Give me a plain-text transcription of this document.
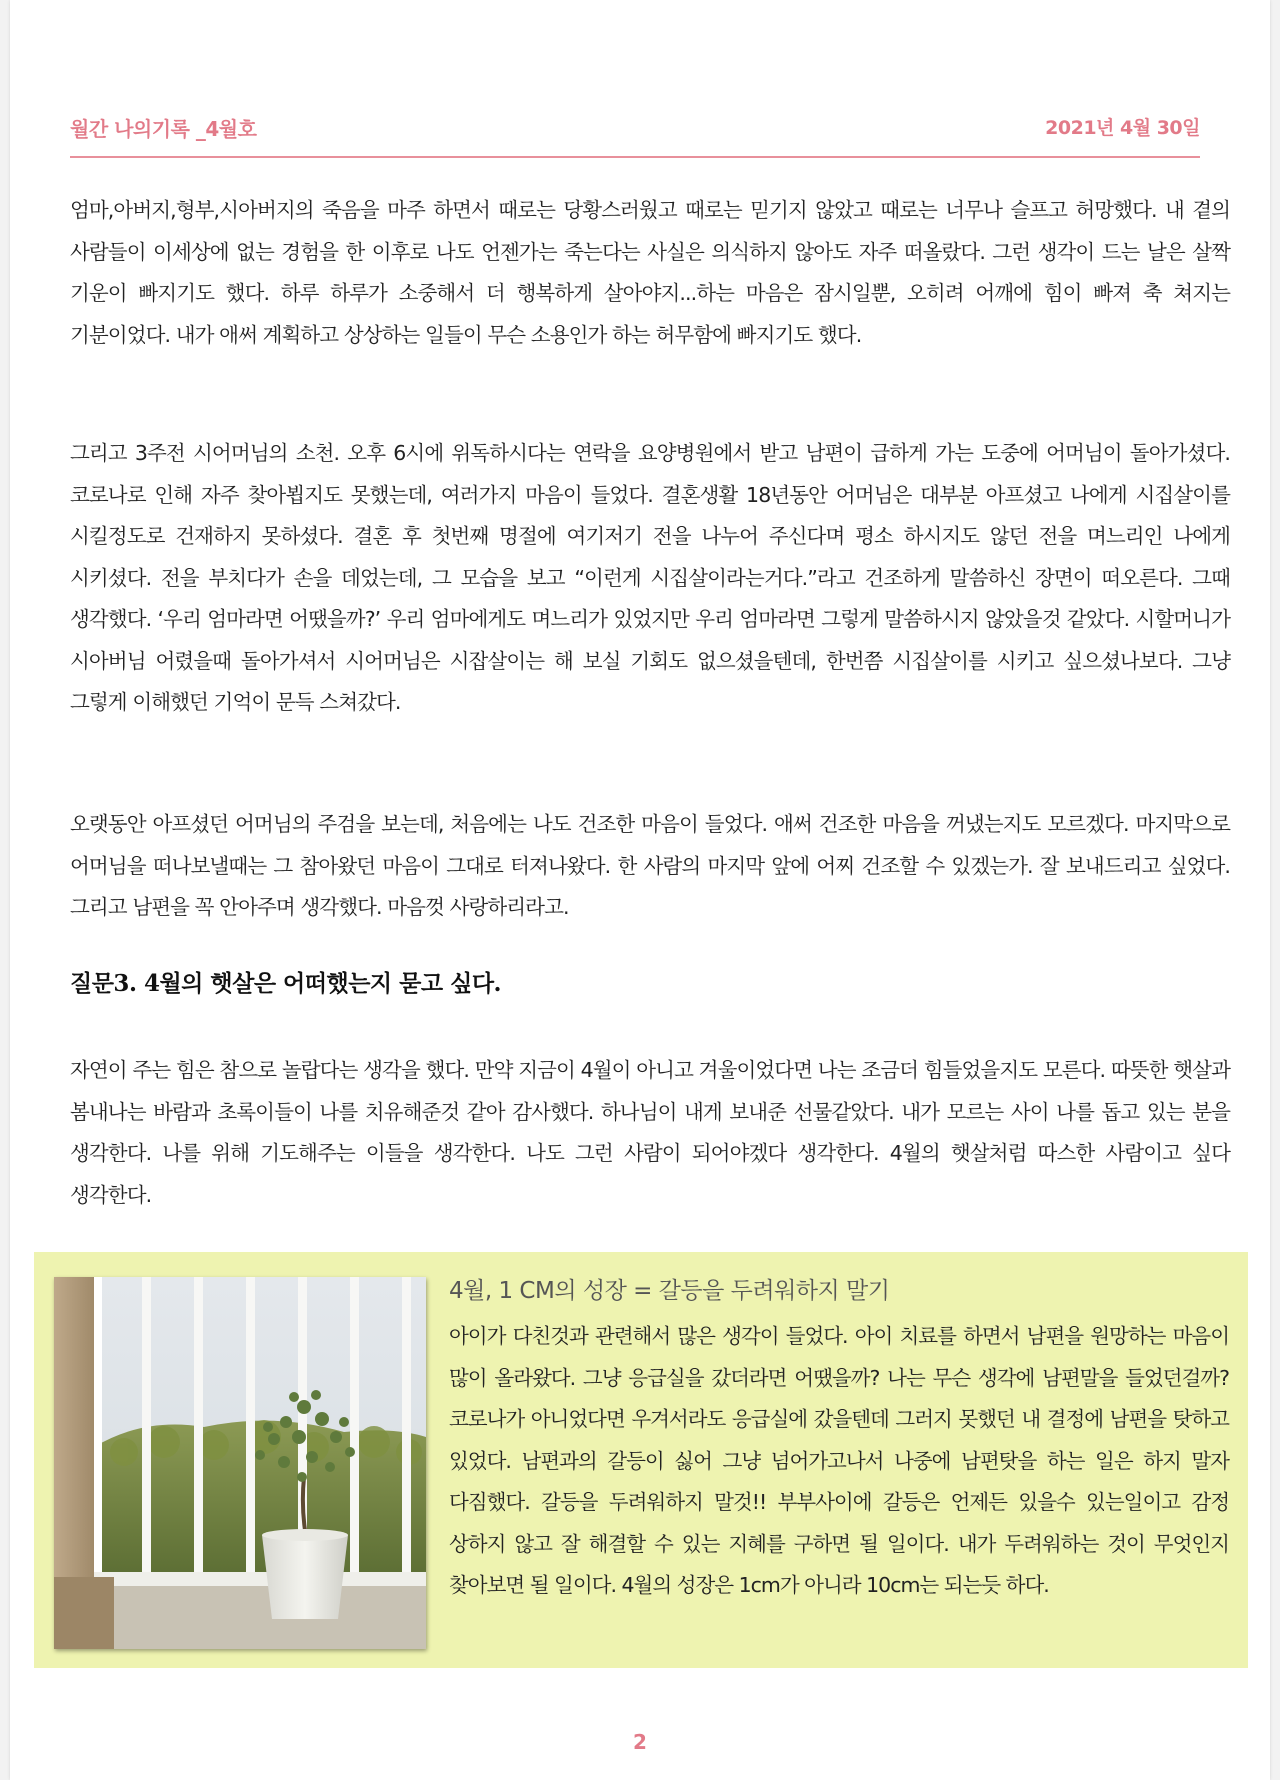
월간 나의기록 _4월호	2021년 4월 30일

엄마,아버지,형부,시아버지의 죽음을 마주 하면서 때로는 당황스러웠고 때로는 믿기지 않았고 때로는 너무나 슬프고 허망했다. 내 곁의 사람들이 이세상에 없는 경험을 한 이후로 나도 언젠가는 죽는다는 사실은 의식하지 않아도 자주 떠올랐다. 그런 생각이 드는 날은 살짝 기운이 빠지기도 했다. 하루 하루가 소중해서 더 행복하게 살아야지...하는 마음은 잠시일뿐, 오히려 어깨에 힘이 빠져 축 쳐지는 기분이었다. 내가 애써 계획하고 상상하는 일들이 무슨 소용인가 하는 허무함에 빠지기도 했다.

그리고 3주전 시어머님의 소천. 오후 6시에 위독하시다는 연락을 요양병원에서 받고 남편이 급하게 가는 도중에 어머님이 돌아가셨다. 코로나로 인해 자주 찾아뵙지도 못했는데, 여러가지 마음이 들었다. 결혼생활 18년동안 어머님은 대부분 아프셨고 나에게 시집살이를 시킬정도로 건재하지 못하셨다. 결혼 후 첫번째 명절에 여기저기 전을 나누어 주신다며 평소 하시지도 않던 전을 며느리인 나에게 시키셨다. 전을 부치다가 손을 데었는데, 그 모습을 보고 “이런게 시집살이라는거다.”라고 건조하게 말씀하신 장면이 떠오른다. 그때 생각했다. ‘우리 엄마라면 어땠을까?’ 우리 엄마에게도 며느리가 있었지만 우리 엄마라면 그렇게 말씀하시지 않았을것 같았다. 시할머니가 시아버님 어렸을때 돌아가셔서 시어머님은 시잡살이는 해 보실 기회도 없으셨을텐데, 한번쯤 시집살이를 시키고 싶으셨나보다. 그냥 그렇게 이해했던 기억이 문득 스쳐갔다.

오랫동안 아프셨던 어머님의 주검을 보는데, 처음에는 나도 건조한 마음이 들었다. 애써 건조한 마음을 꺼냈는지도 모르겠다. 마지막으로 어머님을 떠나보낼때는 그 참아왔던 마음이 그대로 터져나왔다. 한 사람의 마지막 앞에 어찌 건조할 수 있겠는가. 잘 보내드리고 싶었다. 그리고 남편을 꼭 안아주며 생각했다. 마음껏 사랑하리라고.

질문3. 4월의 햇살은 어떠했는지 묻고 싶다.

자연이 주는 힘은 참으로 놀랍다는 생각을 했다. 만약 지금이 4월이 아니고 겨울이었다면 나는 조금더 힘들었을지도 모른다. 따뜻한 햇살과 봄내나는 바람과 초록이들이 나를 치유해준것 같아 감사했다. 하나님이 내게 보내준 선물같았다. 내가 모르는 사이 나를 돕고 있는 분을 생각한다. 나를 위해 기도해주는 이들을 생각한다. 나도 그런 사람이 되어야겠다 생각한다. 4월의 햇살처럼 따스한 사람이고 싶다 생각한다.

4월, 1 CM의 성장 = 갈등을 두려워하지 말기

아이가 다친것과 관련해서 많은 생각이 들었다. 아이 치료를 하면서 남편을 원망하는 마음이 많이 올라왔다. 그냥 응급실을 갔더라면 어땠을까? 나는 무슨 생각에 남편말을 들었던걸까? 코로나가 아니었다면 우겨서라도 응급실에 갔을텐데 그러지 못했던 내 결정에 남편을 탓하고 있었다. 남편과의 갈등이 싫어 그냥 넘어가고나서 나중에 남편탓을 하는 일은 하지 말자 다짐했다. 갈등을 두려워하지 말것!! 부부사이에 갈등은 언제든 있을수 있는일이고 감정 상하지 않고 잘 해결할 수 있는 지혜를 구하면 될 일이다. 내가 두려워하는 것이 무엇인지 찾아보면 될 일이다. 4월의 성장은 1cm가 아니라 10cm는 되는듯 하다.

2
